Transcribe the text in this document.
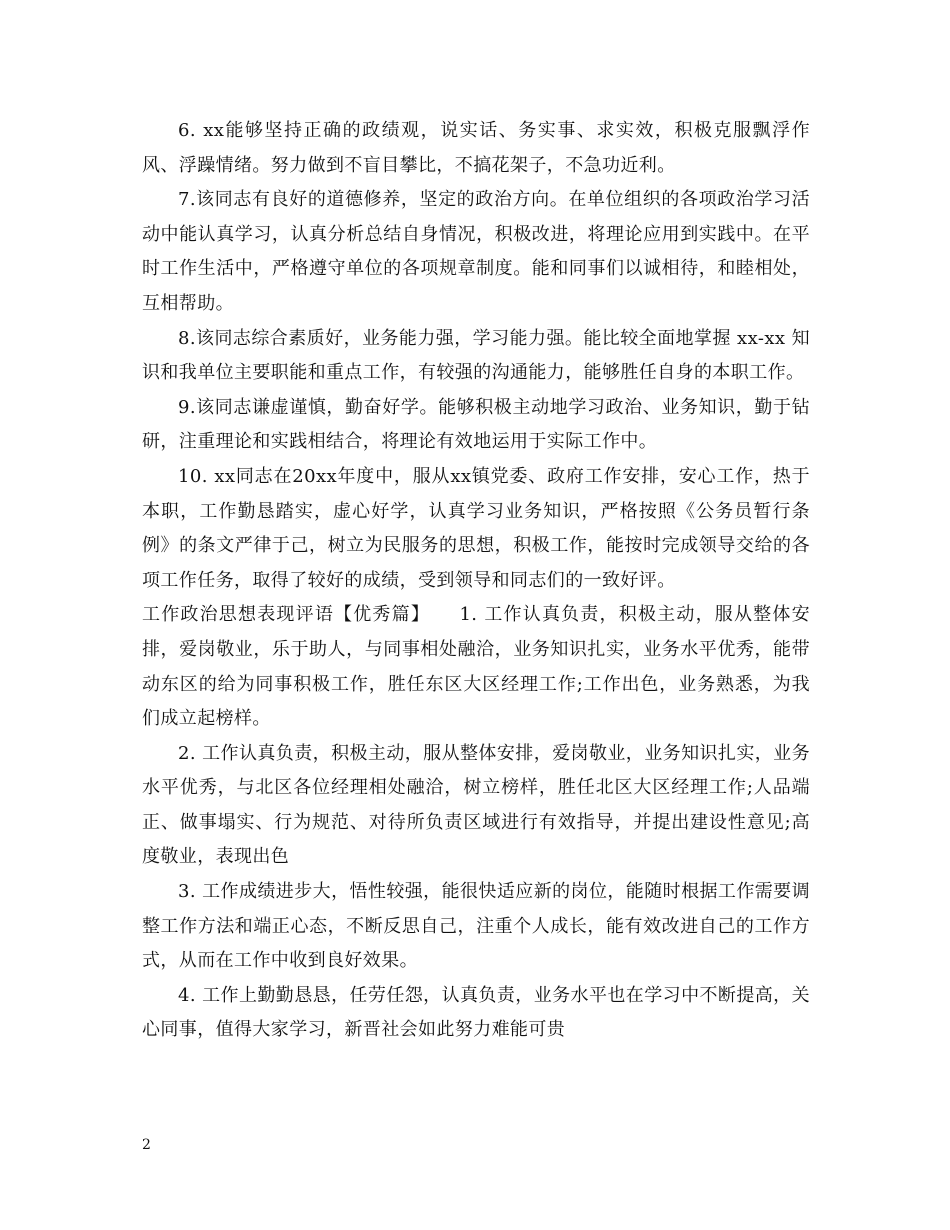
6. xx能够坚持正确的政绩观，说实话、务实事、求实效，积极克服飘浮作风、浮躁情绪。努力做到不盲目攀比，不搞花架子，不急功近利。

7.该同志有良好的道德修养，坚定的政治方向。在单位组织的各项政治学习活动中能认真学习，认真分析总结自身情况，积极改进，将理论应用到实践中。在平时工作生活中，严格遵守单位的各项规章制度。能和同事们以诚相待，和睦相处，互相帮助。

8.该同志综合素质好，业务能力强，学习能力强。能比较全面地掌握 xx-xx 知识和我单位主要职能和重点工作，有较强的沟通能力，能够胜任自身的本职工作。

9.该同志谦虚谨慎，勤奋好学。能够积极主动地学习政治、业务知识，勤于钻研，注重理论和实践相结合，将理论有效地运用于实际工作中。

10. xx同志在20xx年度中，服从xx镇党委、政府工作安排，安心工作，热于本职，工作勤恳踏实，虚心好学，认真学习业务知识，严格按照《公务员暂行条例》的条文严律于己，树立为民服务的思想，积极工作，能按时完成领导交给的各项工作任务，取得了较好的成绩，受到领导和同志们的一致好评。

工作政治思想表现评语【优秀篇】　　1. 工作认真负责，积极主动，服从整体安排，爱岗敬业，乐于助人，与同事相处融洽，业务知识扎实，业务水平优秀，能带动东区的给为同事积极工作，胜任东区大区经理工作;工作出色，业务熟悉，为我们成立起榜样。

2. 工作认真负责，积极主动，服从整体安排，爱岗敬业，业务知识扎实，业务水平优秀，与北区各位经理相处融洽，树立榜样，胜任北区大区经理工作;人品端正、做事塌实、行为规范、对待所负责区域进行有效指导，并提出建设性意见;高度敬业，表现出色

3. 工作成绩进步大，悟性较强，能很快适应新的岗位，能随时根据工作需要调整工作方法和端正心态，不断反思自己，注重个人成长，能有效改进自己的工作方式，从而在工作中收到良好效果。

4. 工作上勤勤恳恳，任劳任怨，认真负责，业务水平也在学习中不断提高，关心同事，值得大家学习，新晋社会如此努力难能可贵

2
